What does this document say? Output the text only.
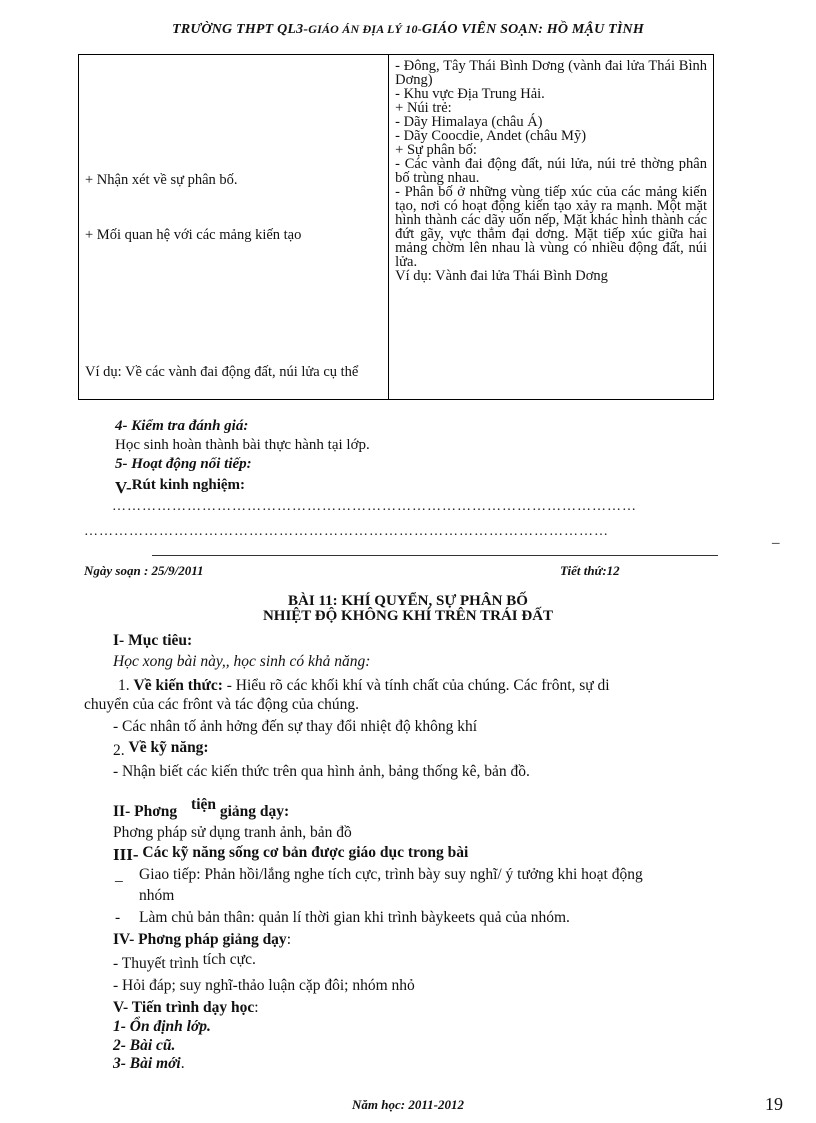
TRƯỜNG THPT QL3-GIÁO ÁN ĐỊA LÝ 10-GIÁO VIÊN SOẠN: HỒ MẬU TÌNH
+ Nhận xét về sự phân bố.
+ Mối quan hệ với các mảng kiến tạo
Ví dụ: Về các vành đai động đất, núi lửa cụ thể

- Đông, Tây Thái Bình Dơng (vành đai lửa Thái Bình Dơng)
- Khu vực Địa Trung Hải.
+ Núi trẻ:
- Dãy Himalaya (châu Á)
- Dãy Coocdie, Andet (châu Mỹ)
+ Sự phân bố:
- Các vành đai động đất, núi lửa, núi trẻ thờng phân bố trùng nhau.
- Phân bố ở những vùng tiếp xúc của các mảng kiến tạo, nơi có hoạt động kiến tạo xảy ra mạnh. Một mặt hình thành các dãy uốn nếp, Mặt khác hình thành các đứt gãy, vực thẳm đại dơng. Mặt tiếp xúc giữa hai mảng chờm lên nhau là vùng có nhiều động đất, núi lửa.
Ví dụ: Vành đai lửa Thái Bình Dơng
4- Kiểm tra đánh giá:
Học sinh hoàn thành bài thực hành tại lớp.
5- Hoạt động nối tiếp:
V-Rút kinh nghiệm:
……………………………………………………………………………………………
……………………………………………………………………………………………	_
Ngày soạn : 25/9/2011	Tiết thứ:12
BÀI 11: KHÍ QUYỂN, SỰ PHÂN BỐ
NHIỆT ĐỘ KHÔNG KHÍ TRÊN TRÁI ĐẤT
I- Mục tiêu:
Học xong bài này,, học sinh có khả năng:
1. Về kiến thức: - Hiểu rõ các khối khí và tính chất của chúng. Các frônt, sự di
chuyển của các frônt và tác động của chúng.
- Các nhân tố ảnh hởng đến sự thay đổi nhiệt độ không khí
2. Về kỹ năng:
- Nhận biết các kiến thức trên qua hình ảnh, bảng thống kê, bản đồ.
II- Phơng tiện giảng dạy:
Phơng pháp sử dụng tranh ảnh, bản đồ
III- Các kỹ năng sống cơ bản được giáo dục trong bài
_ Giao tiếp: Phản hồi/lắng nghe tích cực, trình bày suy nghĩ/ ý tưởng khi hoạt động
nhóm
- Làm chủ bản thân: quản lí thời gian khi trình bàykeets quả của nhóm.
IV- Phơng pháp giảng dạy:
- Thuyết trình tích cực.
- Hỏi đáp; suy nghĩ-thảo luận cặp đôi; nhóm nhỏ
V- Tiến trình dạy học:
1- Ổn định lớp.
2- Bài cũ.
3- Bài mới.
Năm học: 2011-2012	19
